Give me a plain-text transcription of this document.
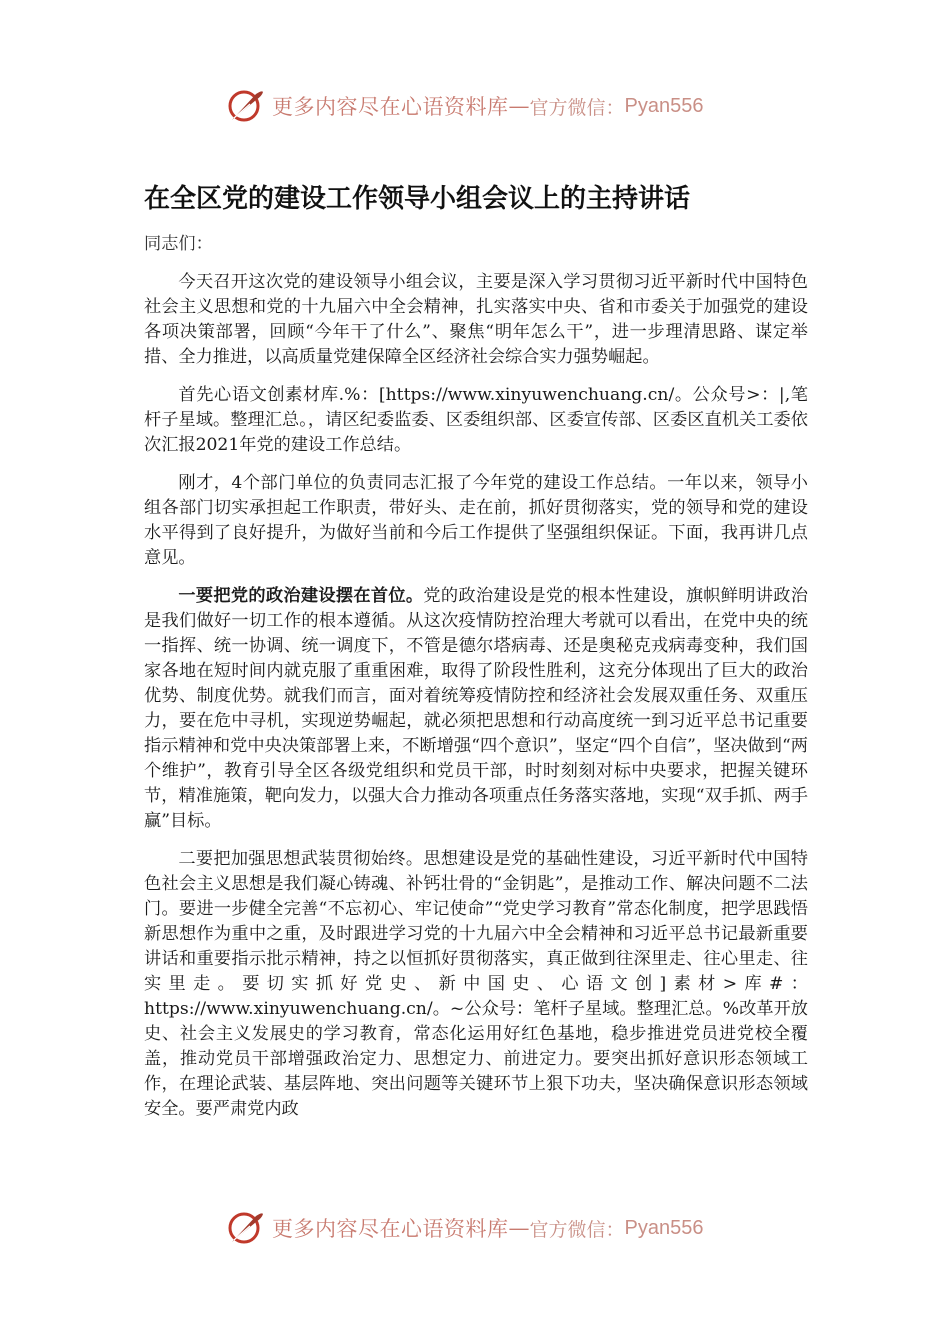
更多内容尽在心语资料库 — 官方微信： Pyan556
在全区党的建设工作领导小组会议上的主持讲话

同志们：

今天召开这次党的建设领导小组会议，主要是深入学习贯彻习近平新时代中国特色社会主义思想和党的十九届六中全会精神，扎实落实中央、省和市委关于加强党的建设各项决策部署，回顾“今年干了什么”、聚焦“明年怎么干”，进一步理清思路、谋定举措、全力推进，以高质量党建保障全区经济社会综合实力强势崛起。

首先心语文创素材库.%：[https://www.xinyuwenchuang.cn/。公众号>：|,笔杆子星域。整理汇总。，请区纪委监委、区委组织部、区委宣传部、区委区直机关工委依次汇报2021年党的建设工作总结。

刚才，4个部门单位的负责同志汇报了今年党的建设工作总结。一年以来，领导小组各部门切实承担起工作职责，带好头、走在前，抓好贯彻落实，党的领导和党的建设水平得到了良好提升，为做好当前和今后工作提供了坚强组织保证。下面，我再讲几点意见。

一要把党的政治建设摆在首位。党的政治建设是党的根本性建设，旗帜鲜明讲政治是我们做好一切工作的根本遵循。从这次疫情防控治理大考就可以看出，在党中央的统一指挥、统一协调、统一调度下，不管是德尔塔病毒、还是奥秘克戎病毒变种，我们国家各地在短时间内就克服了重重困难，取得了阶段性胜利，这充分体现出了巨大的政治优势、制度优势。就我们而言，面对着统筹疫情防控和经济社会发展双重任务、双重压力，要在危中寻机，实现逆势崛起，就必须把思想和行动高度统一到习近平总书记重要指示精神和党中央决策部署上来，不断增强“四个意识”，坚定“四个自信”，坚决做到“两个维护”，教育引导全区各级党组织和党员干部，时时刻刻对标中央要求，把握关键环节，精准施策，靶向发力，以强大合力推动各项重点任务落实落地，实现“双手抓、两手赢”目标。

二要把加强思想武装贯彻始终。思想建设是党的基础性建设，习近平新时代中国特色社会主义思想是我们凝心铸魂、补钙壮骨的“金钥匙”，是推动工作、解决问题不二法门。要进一步健全完善“不忘初心、牢记使命”“党史学习教育”常态化制度，把学思践悟新思想作为重中之重，及时跟进学习党的十九届六中全会精神和习近平总书记最新重要讲话和重要指示批示精神，持之以恒抓好贯彻落实，真正做到往深里走、往心里走、往实里走。要切实抓好党史、新中国史、心语文创]素材>库#：https://www.xinyuwenchuang.cn/。~公众号：笔杆子星域。整理汇总。%改革开放史、社会主义发展史的学习教育，常态化运用好红色基地，稳步推进党员进党校全覆盖，推动党员干部增强政治定力、思想定力、前进定力。要突出抓好意识形态领域工作，在理论武装、基层阵地、突出问题等关键环节上狠下功夫，坚决确保意识形态领域安全。要严肃党内政

更多内容尽在心语资料库 — 官方微信： Pyan556
